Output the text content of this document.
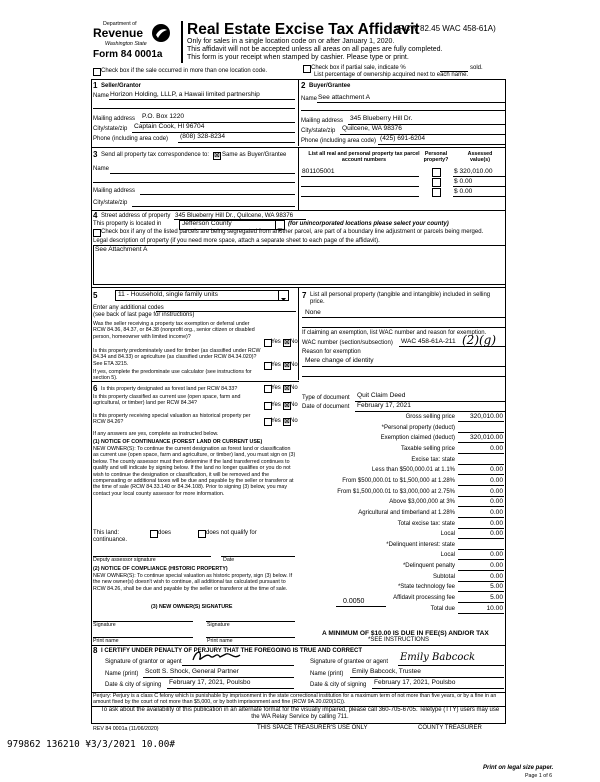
Department of
Revenue
Washington State
Form 84 0001a
Real Estate Excise Tax Affidavit
(RCW 82.45 WAC 458-61A)
Only for sales in a single location code on or after January 1, 2020.
This affidavit will not be accepted unless all areas on all pages are fully completed.
This form is your receipt when stamped by cashier. Please type or print.
Check box if the sale occurred in more than one location code.	Check box if partial sale, indicate %	sold.
List percentage of ownership acquired next to each name.
1 Seller/Grantor
Name Horizon Holding, LLLP, a Hawaii limited partnership
Mailing address P.O. Box 1220
City/state/zip Captain Cook, HI 96704
Phone (including area code) (808) 328-8234
2 Buyer/Grantee
Name See attachment A
Mailing address 345 Blueberry Hill Dr.
City/state/zip Quilcene, WA 98376
Phone (including area code) (425) 691-6204
3 Send all property tax correspondence to: ☒ Same as Buyer/Grantee
Name
Mailing address
City/state/zip
List all real and personal property tax parcel account numbers
Personal property?
Assessed value(s)
801105001	$ 320,010.00
$ 0.00
$ 0.00
4 Street address of property 345 Blueberry Hill Dr., Quilcene, WA 98376
This property is located in	Jefferson County	(for unincorporated locations please select your county)
Check box if any of the listed parcels are being segregated from another parcel, are part of a boundary line adjustment or parcels being merged.
Legal description of property (if you need more space, attach a separate sheet to each page of the affidavit).
See Attachment A
5	11 - Household, single family units
Enter any additional codes
(see back of last page for instructions)
Was the seller receiving a property tax exemption or deferral under RCW 84.36, 84.37, or 84.38 (nonprofit org., senior citizen or disabled person, homeowner with limited income)?
Yes ☒ No
Is this property predominately used for timber (as classified under RCW 84.34 and 84.33) or agriculture (as classified under RCW 84.34.020)? See ETA 3215.	Yes ☒ No
If yes, complete the predominate use calculator (see instructions for section 5).
7 List all personal property (tangible and intangible) included in selling price.
None
If claiming an exemption, list WAC number and reason for exemption.
WAC number (section/subsection) WAC 458-61A-211 (2)(g)
Reason for exemption
Mere change of identity
6 Is this property designated as forest land per RCW 84.33?	Yes ☒ No
Is this property classified as current use (open space, farm and agricultural, or timber) land per RCW 84.34?	Yes ☒ No
Is this property receiving special valuation as historical property per RCW 84.26?	Yes ☒ No
If any answers are yes, complete as instructed below.
(1) NOTICE OF CONTINUANCE (FOREST LAND OR CURRENT USE)
NEW OWNER(S): To continue the current designation as forest land or classification as current use (open space, farm and agriculture, or timber) land, you must sign on (3) below. The county assessor must then determine if the land transferred continues to qualify and will indicate by signing below. If the land no longer qualifies or you do not wish to continue the designation or classification, it will be removed and the compensating or additional taxes will be due and payable by the seller or transferor at the time of sale (RCW 84.33.140 or 84.34.108). Prior to signing (3) below, you may contact your local county assessor for more information.
This land:	does	does not qualify for
continuance.
Deputy assessor signature	Date
(2) NOTICE OF COMPLIANCE (HISTORIC PROPERTY)
NEW OWNER(S): To continue special valuation as historic property, sign (3) below. If the new owner(s) doesn't wish to continue, all additional tax calculated pursuant to RCW 84.26, shall be due and payable by the seller or transferor at the time of sale.
(3) NEW OWNER(S) SIGNATURE
Signature	Signature
Print name	Print name
Type of document Quit Claim Deed
Date of document February 17, 2021
Gross selling price 320,010.00
*Personal property (deduct)
Exemption claimed (deduct) 320,010.00
Taxable selling price	0.00
Excise tax: state
Less than $500,000.01 at 1.1%	0.00
From $500,000.01 to $1,500,000 at 1.28%	0.00
From $1,500,000.01 to $3,000,000 at 2.75%	0.00
Above $3,000,000 at 3%	0.00
Agricultural and timberland at 1.28%	0.00
Total excise tax: state	0.00
Local	0.00
*Delinquent interest: state
Local	0.00
*Delinquent penalty	0.00
Subtotal	0.00
*State technology fee	5.00
Affidavit processing fee	5.00
Total due	10.00
0.0050
A MINIMUM OF $10.00 IS DUE IN FEE(S) AND/OR TAX
*SEE INSTRUCTIONS
8 I CERTIFY UNDER PENALTY OF PERJURY THAT THE FOREGOING IS TRUE AND CORRECT
Signature of grantor or agent	Signature of grantee or agent Emily Babcock
Name (print) Scott S. Shock, General Partner	Name (print) Emily Babcock, Trustee
Date & city of signing February 17, 2021, Poulsbo	Date & city of signing February 17, 2021, Poulsbo
Perjury: Perjury is a class C felony which is punishable by imprisonment in the state correctional institution for a maximum term of not more than five years, or by a fine in an amount fixed by the court of not more than $5,000, or by both imprisonment and fine (RCW 9A.20.020(1C)).
To ask about the availability of this publication in an alternate format for the visually impaired, please call 360-705-6705. Teletype (TTY) users may use the WA Relay Service by calling 711.
REV 84 0001a (11/06/2020)	THIS SPACE TREASURER'S USE ONLY	COUNTY TREASURER
979862 136210 ¥3/3/2021 10.00#
Print on legal size paper.
Page 1 of 6
